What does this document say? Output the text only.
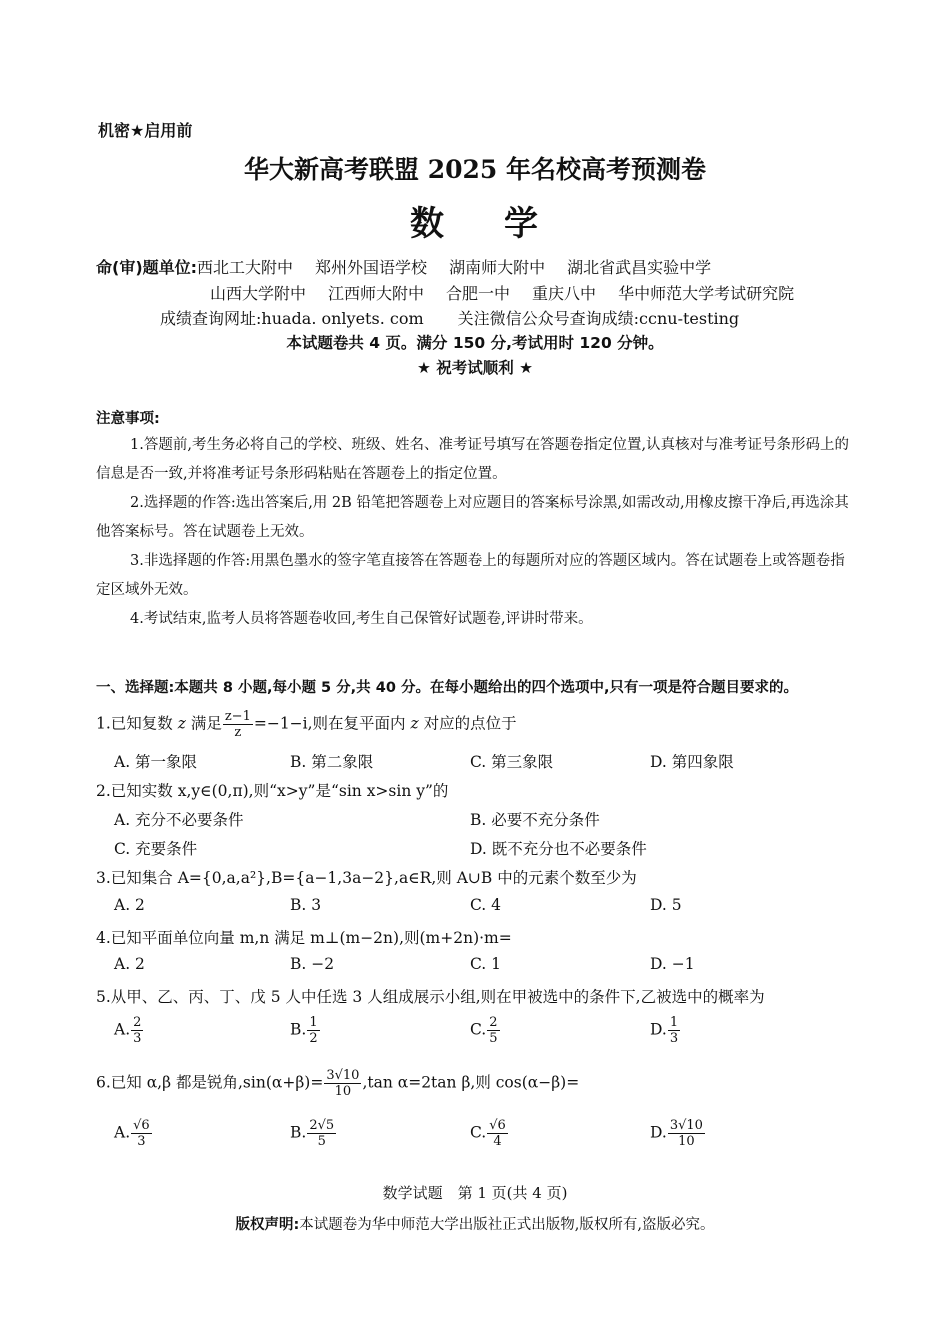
机密★启用前
华大新高考联盟 2025 年名校高考预测卷
数 学
命(审)题单位:西北工大附中 郑州外国语学校 湖南师大附中 湖北省武昌实验中学
山西大学附中 江西师大附中 合肥一中 重庆八中 华中师范大学考试研究院
成绩查询网址:huada. onlyets. com 关注微信公众号查询成绩:ccnu-testing
本试题卷共 4 页。满分 150 分,考试用时 120 分钟。
★ 祝考试顺利 ★
注意事项:
1.答题前,考生务必将自己的学校、班级、姓名、准考证号填写在答题卷指定位置,认真核对与准考证号条形码上的信息是否一致,并将准考证号条形码粘贴在答题卷上的指定位置。
2.选择题的作答:选出答案后,用 2B 铅笔把答题卷上对应题目的答案标号涂黑,如需改动,用橡皮擦干净后,再选涂其他答案标号。答在试题卷上无效。
3.非选择题的作答:用黑色墨水的签字笔直接答在答题卷上的每题所对应的答题区域内。答在试题卷上或答题卷指定区域外无效。
4.考试结束,监考人员将答题卷收回,考生自己保管好试题卷,评讲时带来。
一、选择题:本题共 8 小题,每小题 5 分,共 40 分。在每小题给出的四个选项中,只有一项是符合题目要求的。
1.已知复数 z 满足 $\frac{z-1}{z} =-1-i$,则在复平面内 z 对应的点位于
A. 第一象限	B. 第二象限	C. 第三象限	D. 第四象限
2.已知实数 x,y∈(0,π),则“x>y”是“sin x>sin y”的
A. 充分不必要条件	B. 必要不充分条件
C. 充要条件	D. 既不充分也不必要条件
3.已知集合 A={0,a,a²},B={a−1,3a−2},a∈R,则 A∪B 中的元素个数至少为
A. 2	B. 3	C. 4	D. 5
4.已知平面单位向量 m,n 满足 m⊥(m−2n),则(m+2n)·m=
A. 2	B. −2	C. 1	D. −1
5.从甲、乙、丙、丁、戊 5 人中任选 3 人组成展示小组,则在甲被选中的条件下,乙被选中的概率为
A. $\frac{2}{3}$	B. $\frac{1}{2}$	C. $\frac{2}{5}$	D. $\frac{1}{3}$
6.已知 α,β 都是锐角$,\sin(\alpha+\beta)= \frac{3√10}{10} ,\tan$ α=2tan β,则 cos(α−β)=
A. $\frac{√6}{3}$	B. $\frac{2√5}{5}$	C. $\frac{√6}{4}$	D. $\frac{3√10}{10}$
数学试题　第 1 页(共 4 页)
版权声明:本试题卷为华中师范大学出版社正式出版物,版权所有,盗版必究。
